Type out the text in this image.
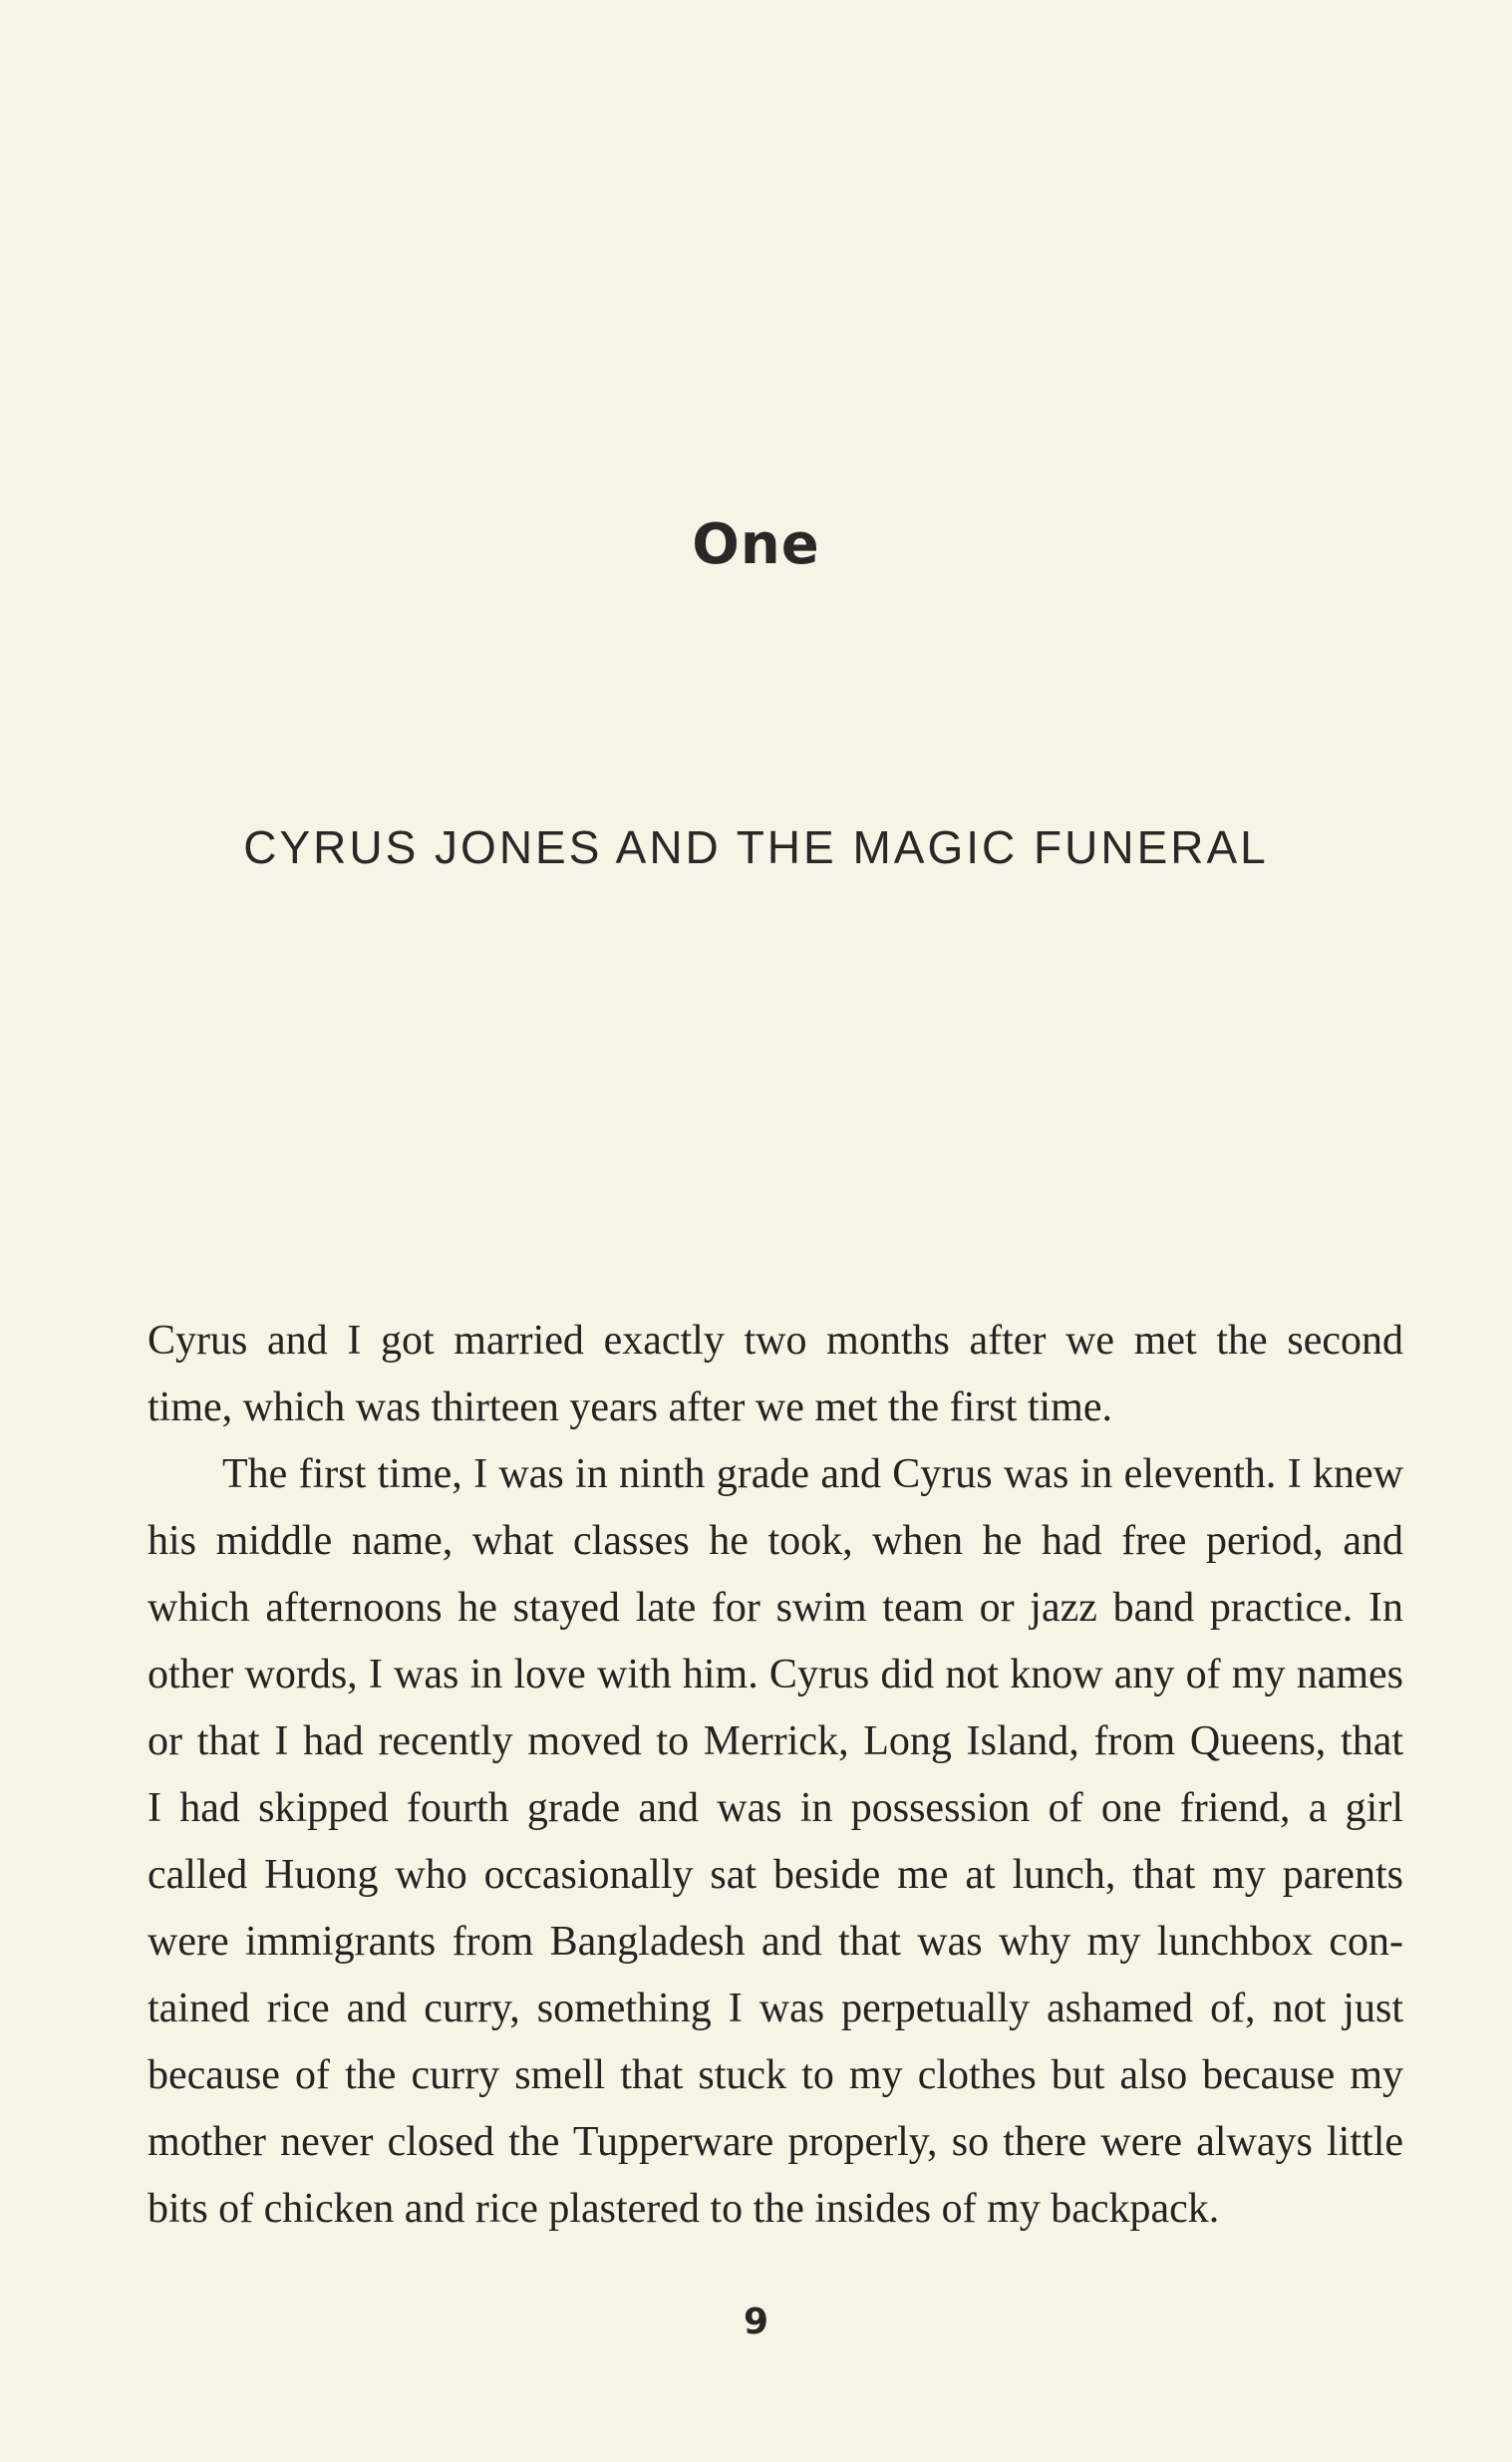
One
CYRUS JONES AND THE MAGIC FUNERAL
Cyrus and I got married exactly two months after we met the second
time, which was thirteen years after we met the first time.
The first time, I was in ninth grade and Cyrus was in eleventh. I knew
his middle name, what classes he took, when he had free period, and
which afternoons he stayed late for swim team or jazz band practice. In
other words, I was in love with him. Cyrus did not know any of my names
or that I had recently moved to Merrick, Long Island, from Queens, that
I had skipped fourth grade and was in possession of one friend, a girl
called Huong who occasionally sat beside me at lunch, that my parents
were immigrants from Bangladesh and that was why my lunchbox con-
tained rice and curry, something I was perpetually ashamed of, not just
because of the curry smell that stuck to my clothes but also because my
mother never closed the Tupperware properly, so there were always little
bits of chicken and rice plastered to the insides of my backpack.
9
